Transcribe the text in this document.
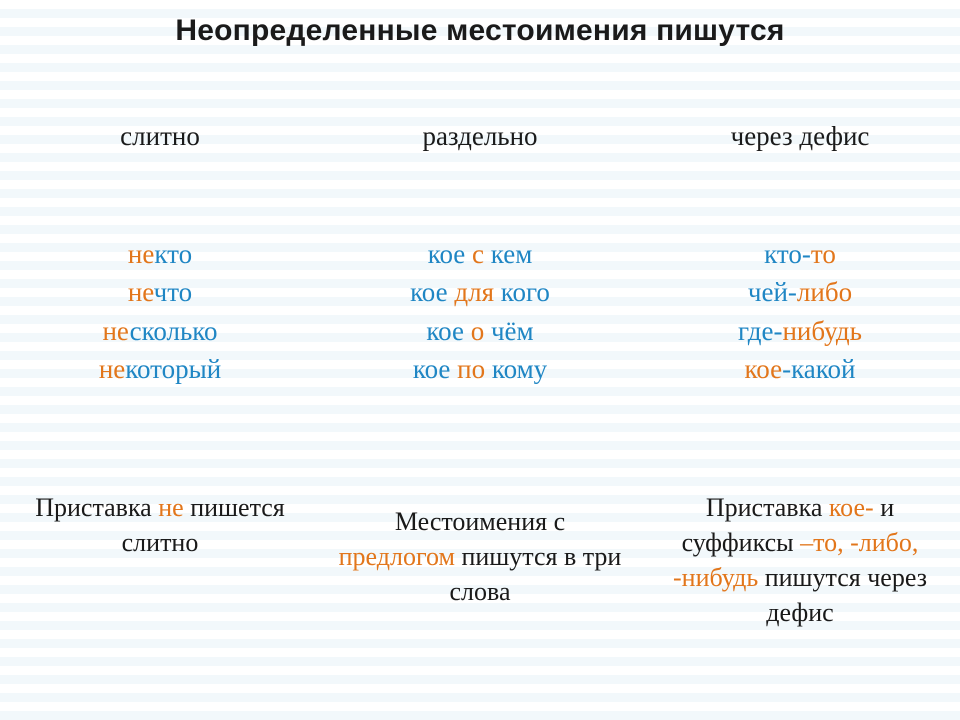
Неопределенные местоимения пишутся
слитно
некто
нечто
несколько
некоторый
раздельно
кое с кем
кое для кого
кое о чём
кое по кому
через дефис
кто-то
чей-либо
где-нибудь
кое-какой
Приставка не пишется слитно
Местоимения с предлогом пишутся в три слова
Приставка кое- и суффиксы –то, -либо, -нибудь пишутся через дефис
